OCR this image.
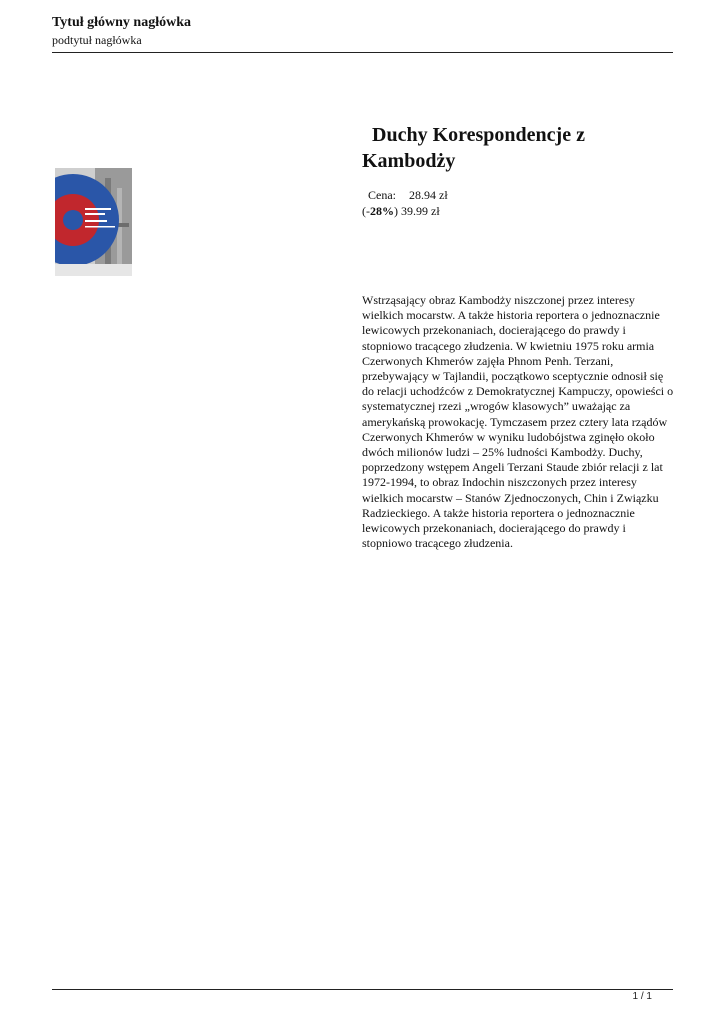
Tytuł główny nagłówka
podtytuł nagłówka
Duchy Korespondencje z Kambodży
Cena: 28.94 zł
(-28%) 39.99 zł
Wstrząsający obraz Kambodży niszczonej przez interesy wielkich mocarstw. A także historia reportera o jednoznacznie lewicowych przekonaniach, docierającego do prawdy i stopniowo tracącego złudzenia. W kwietniu 1975 roku armia Czerwonych Khmerów zajęła Phnom Penh. Terzani, przebywający w Tajlandii, początkowo sceptycznie odnosił się do relacji uchodźców z Demokratycznej Kampuczy, opowieści o systematycznej rzezi „wrogów klasowych” uważając za amerykańską prowokację. Tymczasem przez cztery lata rządów Czerwonych Khmerów w wyniku ludobójstwa zginęło około dwóch milionów ludzi – 25% ludności Kambodży. Duchy, poprzedzony wstępem Angeli Terzani Staude zbiór relacji z lat 1972-1994, to obraz Indochin niszczonych przez interesy wielkich mocarstw – Stanów Zjednoczonych, Chin i Związku Radzieckiego. A także historia reportera o jednoznacznie lewicowych przekonaniach, docierającego do prawdy i stopniowo tracącego złudzenia.
1 / 1
